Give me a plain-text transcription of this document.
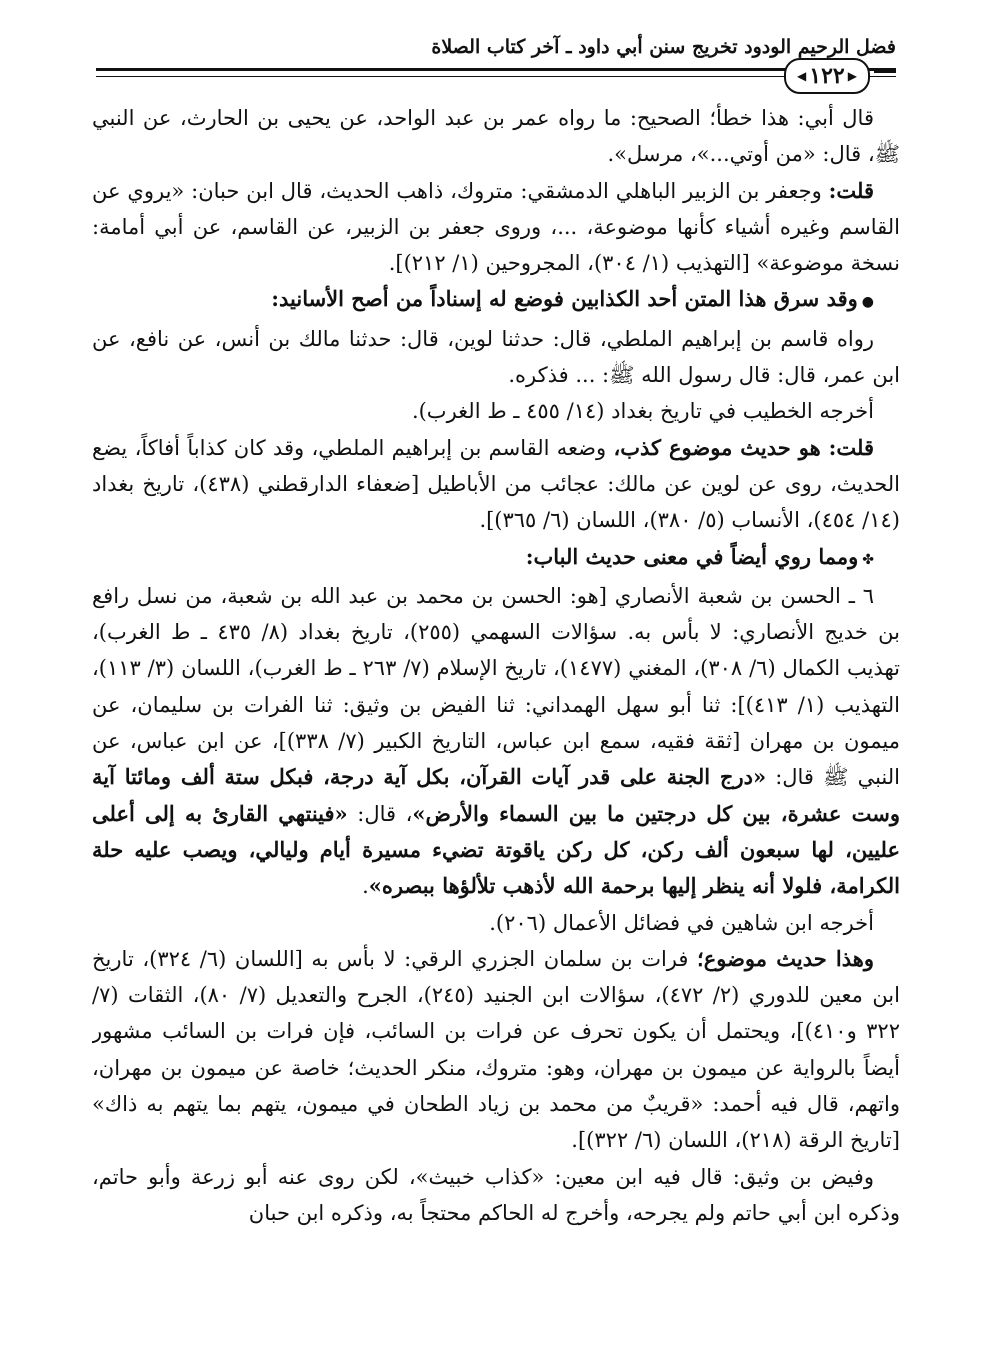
فضل الرحيم الودود تخريج سنن أبي داود ـ آخر كتاب الصلاة
◀ ١٢٢ ▶

قال أبي: هذا خطأ؛ الصحيح: ما رواه عمر بن عبد الواحد، عن يحيى بن الحارث، عن النبي ﷺ، قال: «من أوتي...»، مرسل».

قلت: وجعفر بن الزبير الباهلي الدمشقي: متروك، ذاهب الحديث، قال ابن حبان: «يروي عن القاسم وغيره أشياء كأنها موضوعة، ...، وروى جعفر بن الزبير، عن القاسم، عن أبي أمامة: نسخة موضوعة» [التهذيب (١/ ٣٠٤)، المجروحين (١/ ٢١٢)].

●وقد سرق هذا المتن أحد الكذابين فوضع له إسناداً من أصح الأسانيد:

رواه قاسم بن إبراهيم الملطي، قال: حدثنا لوين، قال: حدثنا مالك بن أنس، عن نافع، عن ابن عمر، قال: قال رسول الله ﷺ: ... فذكره.

أخرجه الخطيب في تاريخ بغداد (١٤/ ٤٥٥ ـ ط الغرب).

قلت: هو حديث موضوع كذب، وضعه القاسم بن إبراهيم الملطي، وقد كان كذاباً أفاكاً، يضع الحديث، روى عن لوين عن مالك: عجائب من الأباطيل [ضعفاء الدارقطني (٤٣٨)، تاريخ بغداد (١٤/ ٤٥٤)، الأنساب (٥/ ٣٨٠)، اللسان (٦/ ٣٦٥)].

✤ومما روي أيضاً في معنى حديث الباب:

٦ ـ الحسن بن شعبة الأنصاري [هو: الحسن بن محمد بن عبد الله بن شعبة، من نسل رافع بن خديج الأنصاري: لا بأس به. سؤالات السهمي (٢٥٥)، تاريخ بغداد (٨/ ٤٣٥ ـ ط الغرب)، تهذيب الكمال (٦/ ٣٠٨)، المغني (١٤٧٧)، تاريخ الإسلام (٧/ ٢٦٣ ـ ط الغرب)، اللسان (٣/ ١١٣)، التهذيب (١/ ٤١٣)]: ثنا أبو سهل الهمداني: ثنا الفيض بن وثيق: ثنا الفرات بن سليمان، عن ميمون بن مهران [ثقة فقيه، سمع ابن عباس، التاريخ الكبير (٧/ ٣٣٨)]، عن ابن عباس، عن النبي ﷺ قال: «درج الجنة على قدر آيات القرآن، بكل آية درجة، فبكل ستة ألف ومائتا آية وست عشرة، بين كل درجتين ما بين السماء والأرض»، قال: «فينتهي القارئ به إلى أعلى عليين، لها سبعون ألف ركن، كل ركن ياقوتة تضيء مسيرة أيام وليالي، ويصب عليه حلة الكرامة، فلولا أنه ينظر إليها برحمة الله لأذهب تلألؤها ببصره».

أخرجه ابن شاهين في فضائل الأعمال (٢٠٦).

وهذا حديث موضوع؛ فرات بن سلمان الجزري الرقي: لا بأس به [اللسان (٦/ ٣٢٤)، تاريخ ابن معين للدوري (٢/ ٤٧٢)، سؤالات ابن الجنيد (٢٤٥)، الجرح والتعديل (٧/ ٨٠)، الثقات (٧/ ٣٢٢ و٤١٠)]، ويحتمل أن يكون تحرف عن فرات بن السائب، فإن فرات بن السائب مشهور أيضاً بالرواية عن ميمون بن مهران، وهو: متروك، منكر الحديث؛ خاصة عن ميمون بن مهران، واتهم، قال فيه أحمد: «قريبٌ من محمد بن زياد الطحان في ميمون، يتهم بما يتهم به ذاك» [تاريخ الرقة (٢١٨)، اللسان (٦/ ٣٢٢)].

وفيض بن وثيق: قال فيه ابن معين: «كذاب خبيث»، لكن روى عنه أبو زرعة وأبو حاتم، وذكره ابن أبي حاتم ولم يجرحه، وأخرج له الحاكم محتجاً به، وذكره ابن حبان
